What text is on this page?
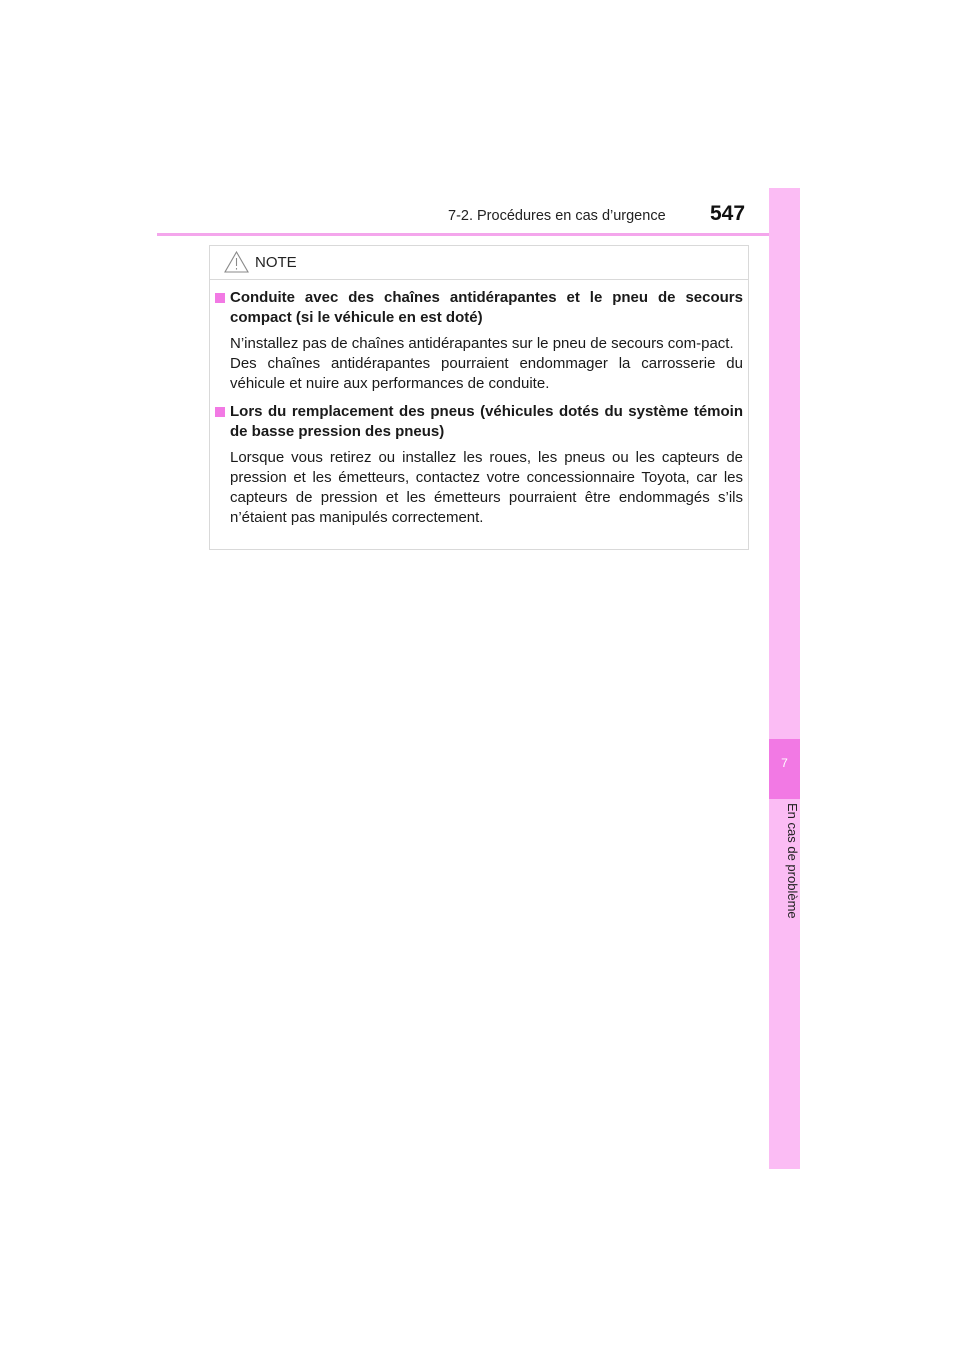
7-2. Procédures en cas d’urgence 547
7
En cas de problème
NOTE
Conduite avec des chaînes antidérapantes et le pneu de secours compact (si le véhicule en est doté)

N’installez pas de chaînes antidérapantes sur le pneu de secours com-pact.

Des chaînes antidérapantes pourraient endommager la carrosserie du véhicule et nuire aux performances de conduite.

Lors du remplacement des pneus (véhicules dotés du système témoin de basse pression des pneus)

Lorsque vous retirez ou installez les roues, les pneus ou les capteurs de pression et les émetteurs, contactez votre concessionnaire Toyota, car les capteurs de pression et les émetteurs pourraient être endommagés s’ils n’étaient pas manipulés correctement.
